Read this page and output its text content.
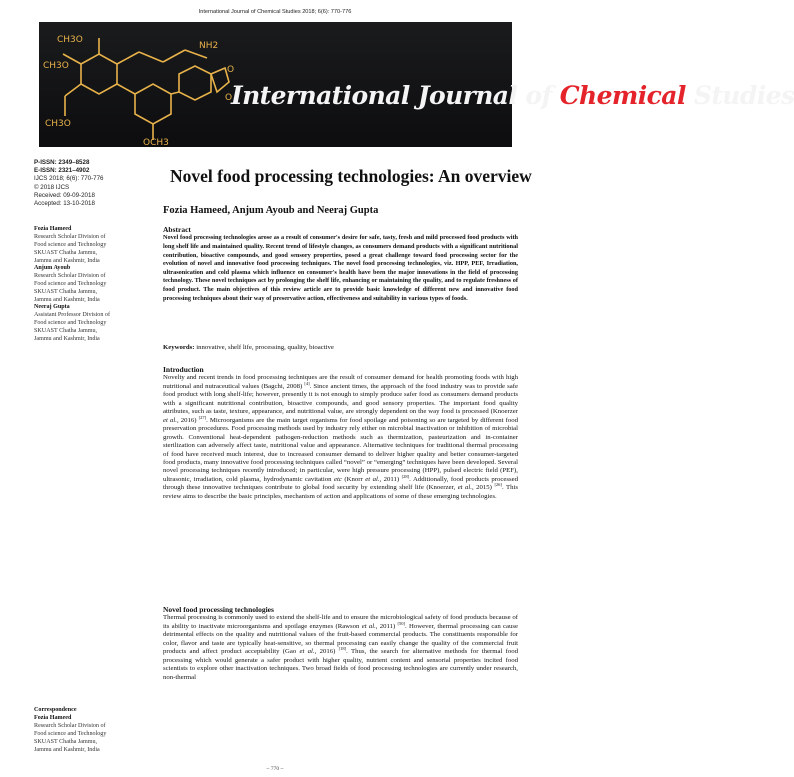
International Journal of Chemical Studies 2018; 6(6): 770-776
CH3O
NH2
CH3O	O
O
OCH3
CH3O
International Journal of Chemical Studies
P-ISSN: 2349–8528
E-ISSN: 2321–4902
IJCS 2018; 6(6): 770-776
© 2018 IJCS
Received: 09-09-2018
Accepted: 13-10-2018
Novel food processing technologies: An overview
Fozia Hameed, Anjum Ayoub and Neeraj Gupta
Fozia Hameed
Research Scholar Division of
Food science and Technology
SKUAST Chatha Jammu,
Jammu and Kashmir, India
Anjum Ayoub
Research Scholar Division of
Food science and Technology
SKUAST Chatha Jammu,
Jammu and Kashmir, India
Neeraj Gupta
Assistant Professor Division of
Food science and Technology
SKUAST Chatha Jammu,
Jammu and Kashmir, India
Correspondence
Fozia Hameed
Research Scholar Division of
Food science and Technology
SKUAST Chatha Jammu,
Jammu and Kashmir, India
Abstract
Novel food processing technologies arose as a result of consumer's desire for safe, tasty, fresh and mild processed food products with long shelf life and maintained quality. Recent trend of lifestyle changes, as consumers demand products with a significant nutritional contribution, bioactive compounds, and good sensory properties, posed a great challenge toward food processing sector for the evolution of novel and innovative food processing techniques. The novel food processing technologies, viz. HPP, PEF, Irradiation, ultrasonication and cold plasma which influence on consumer's health have been the major innovations in the field of processing technology. These novel techniques act by prolonging the shelf life, enhancing or maintaining the quality, and to regulate freshness of food product. The main objectives of this review article are to provide basic knowledge of different new and innovative food processing techniques about their way of preservative action, effectiveness and suitability in various types of foods.
Keywords: innovative, shelf life, processing, quality, bioactive
Introduction
Novelty and recent trends in food processing techniques are the result of consumer demand for health promoting foods with high nutritional and nutraceutical values (Bagchi, 2008) [4]. Since ancient times, the approach of the food industry was to provide safe food product with long shelf-life; however, presently it is not enough to simply produce safer food as consumers demand products with a significant nutritional contribution, bioactive compounds, and good sensory properties. The important food quality attributes, such as taste, texture, appearance, and nutritional value, are strongly dependent on the way food is processed (Knoerzer et al., 2016) [27]. Microorganisms are the main target organisms for food spoilage and poisoning so are targeted by different food preservation procedures. Food processing methods used by industry rely either on microbial inactivation or inhibition of microbial growth. Conventional heat-dependent pathogen-reduction methods such as thermization, pasteurization and in-container sterilization can adversely affect taste, nutritional value and appearance. Alternative techniques for traditional thermal processing of food have received much interest, due to increased consumer demand to deliver higher quality and better consumer-targeted food products, many innovative food processing techniques called “novel” or “emerging” techniques have been developed. Several novel processing techniques recently introduced; in particular, were high pressure processing (HPP), pulsed electric field (PEF), ultrasonic, irradiation, cold plasma, hydrodynamic cavitation etc (Knorr et al., 2011) [28]. Additionally, food products processed through these innovative techniques contribute to global food security by extending shelf life (Knoerzer, et al., 2015) [26]. This review aims to describe the basic principles, mechanism of action and applications of some of these emerging technologies.
Novel food processing technologies
Thermal processing is commonly used to extend the shelf-life and to ensure the microbiological safety of food products because of its ability to inactivate microorganisms and spoilage enzymes (Rawson et al., 2011) [50]. However, thermal processing can cause detrimental effects on the quality and nutritional values of the fruit-based commercial products. The constituents responsible for color, flavor and taste are typically heat-sensitive, so thermal processing can easily change the quality of the commercial fruit products and affect product acceptability (Gao et al., 2016) [18]. Thus, the search for alternative methods for thermal food processing which would generate a safer product with higher quality, nutrient content and sensorial properties incited food scientists to explore other inactivation techniques. Two broad fields of food processing technologies are currently under research, non-thermal
~ 770 ~
